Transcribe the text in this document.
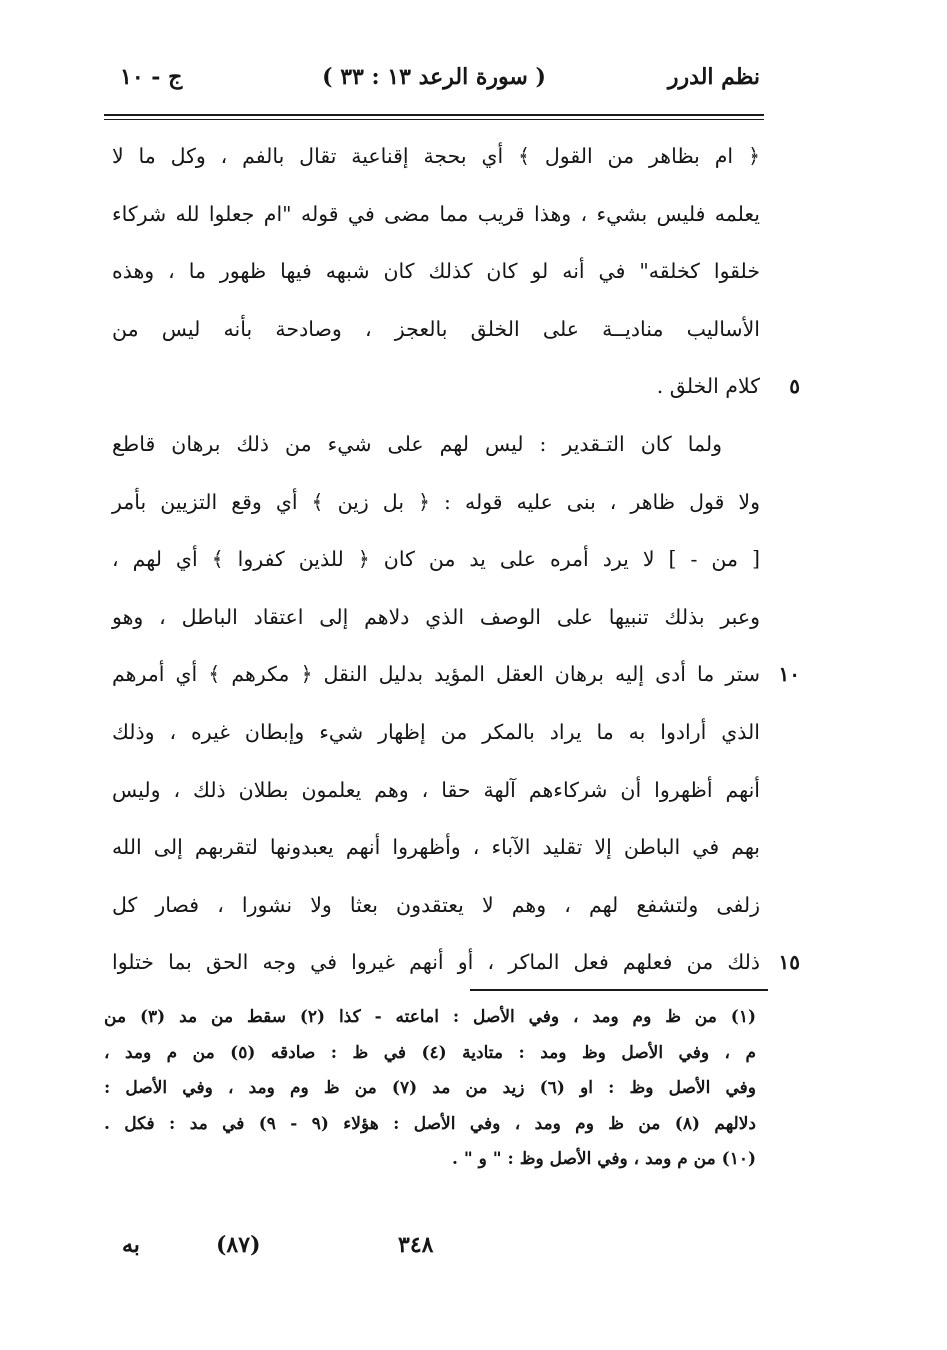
نظم الدرر
( سورة الرعد ١٣ : ٣٣ )
ج - ١٠
﴿ ام بظاهر من القول ﴾ أي بحجة إقناعية تقال بالفم ، وكل ما لا
يعلمه فليس بشيء ، وهذا قريب مما مضى في قوله "ام جعلوا لله شركاء
خلقوا كخلقه" في أنه لو كان كذلك كان شبهه فيها ظهور ما ، وهذه
الأساليب مناديــة على الخلق بالعجز ، وصادحة بأنه ليس من
كلام الخلق . ٥
ولما كان التـقدير : ليس لهم على شيء من ذلك برهان قاطع
ولا قول ظاهر ، بنى عليه قوله : ﴿ بل زين ﴾ أي وقع التزيين بأمر
[ من - ] لا يرد أمره على يد من كان ﴿ للذين كفروا ﴾ أي لهم ،
وعبر بذلك تنبيها على الوصف الذي دلاهم إلى اعتقاد الباطل ، وهو
ستر ما أدى إليه برهان العقل المؤيد بدليل النقل ﴿ مكرهم ﴾ أي أمرهم ١٠
الذي أرادوا به ما يراد بالمكر من إظهار شيء وإبطان غيره ، وذلك
أنهم أظهروا أن شركاءهم آلهة حقا ، وهم يعلمون بطلان ذلك ، وليس
بهم في الباطن إلا تقليد الآباء ، وأظهروا أنهم يعبدونها لتقربهم إلى الله
زلفى ولتشفع لهم ، وهم لا يعتقدون بعثا ولا نشورا ، فصار كل
ذلك من فعلهم فعل الماكر ، أو أنهم غيروا في وجه الحق بما ختلوا ١٥
(١) من ظ وم ومد ، وفي الأصل : اماعته - كذا (٢) سقط من مد (٣) من
م ، وفي الأصل وظ ومد : متادية (٤) في ظ : صادقه (٥) من م ومد ،
وفي الأصل وظ : او (٦) زيد من مد (٧) من ظ وم ومد ، وفي الأصل :
دلالهم (٨) من ظ وم ومد ، وفي الأصل : هؤلاء (٩ - ٩) في مد : فكل .
(١٠) من م ومد ، وفي الأصل وظ : " و " .
٣٤٨
(٨٧)
به
